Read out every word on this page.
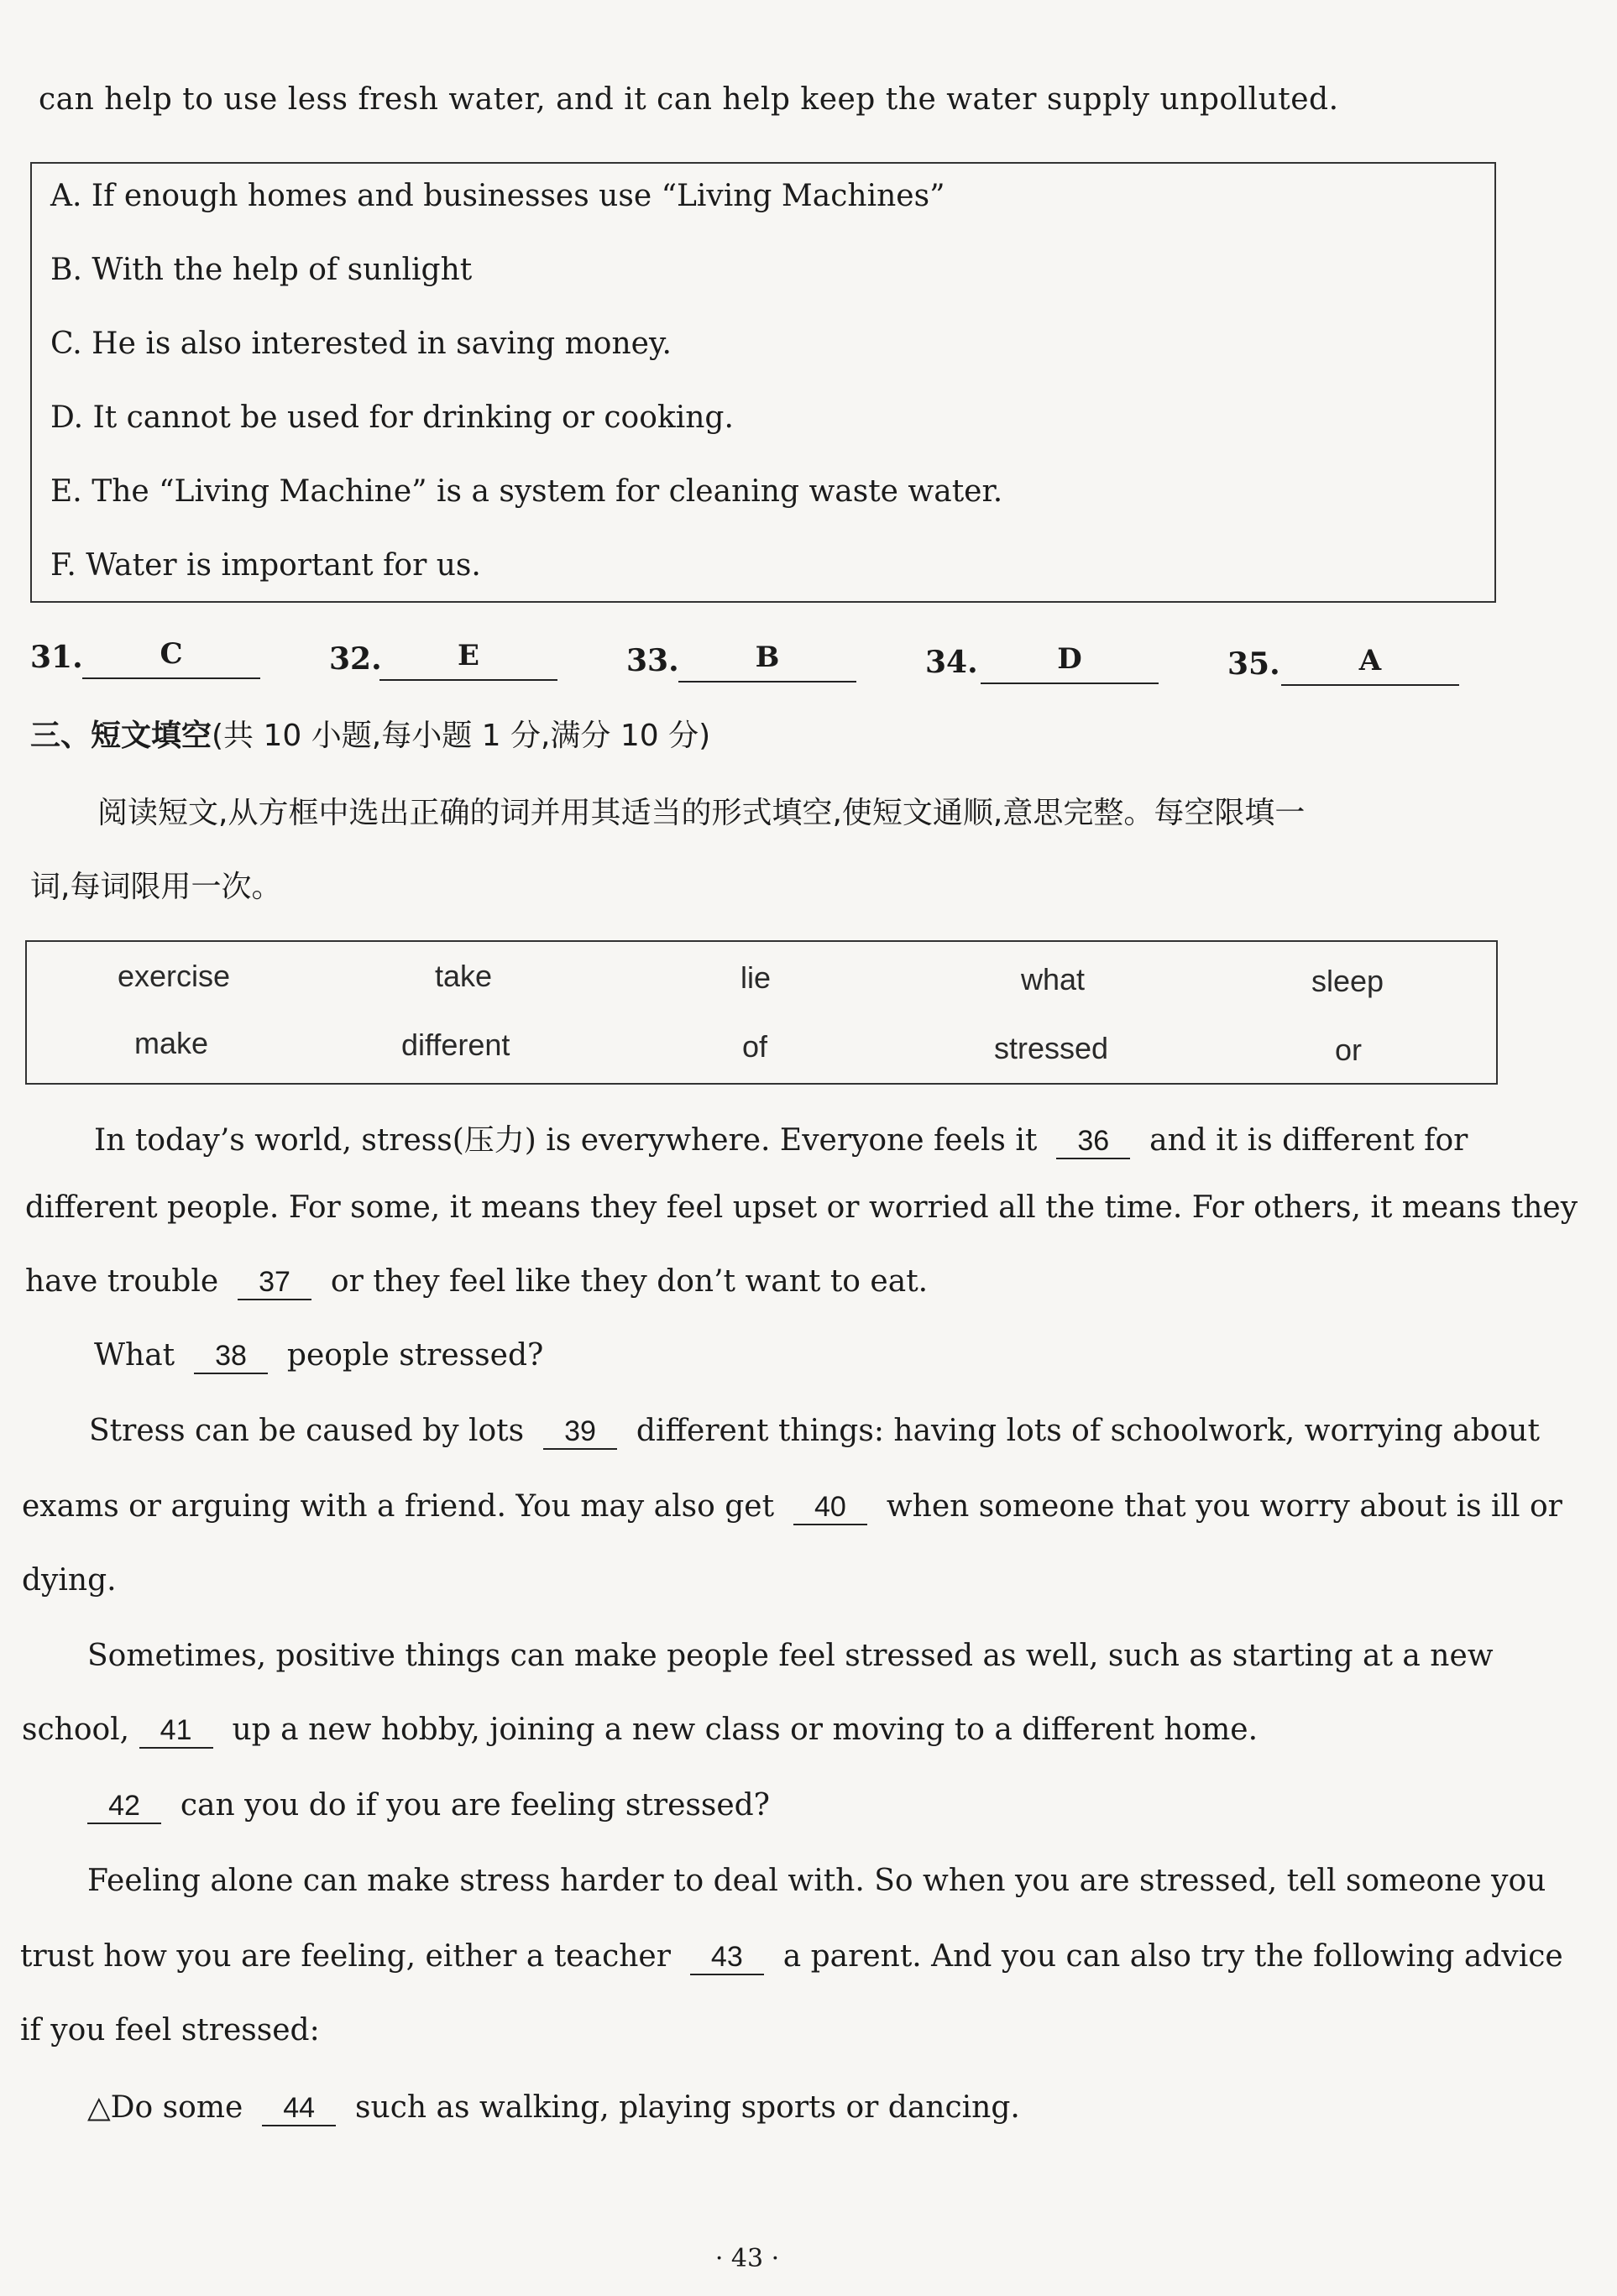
can help to use less fresh water, and it can help keep the water supply unpolluted.
A. If enough homes and businesses use “Living Machines”
B. With the help of sunlight
C. He is also interested in saving money.
D. It cannot be used for drinking or cooking.
E. The “Living Machine” is a system for cleaning waste water.
F. Water is important for us.
31.	C	32.	E	33.	B	34.	D	35.	A
三、短文填空(共 10 小题,每小题 1 分,满分 10 分)
阅读短文,从方框中选出正确的词并用其适当的形式填空,使短文通顺,意思完整。每空限填一
词,每词限用一次。
exercise	take	lie	what	sleep
make	different	of	stressed	or
In today’s world, stress(压力) is everywhere. Everyone feels it 36 and it is different for
different people. For some, it means they feel upset or worried all the time. For others, it means they
have trouble 37 or they feel like they don’t want to eat.
What 38 people stressed?
Stress can be caused by lots 39 different things: having lots of schoolwork, worrying about
exams or arguing with a friend. You may also get 40 when someone that you worry about is ill or
dying.
Sometimes, positive things can make people feel stressed as well, such as starting at a new
school, 41 up a new hobby, joining a new class or moving to a different home.
42 can you do if you are feeling stressed?
Feeling alone can make stress harder to deal with. So when you are stressed, tell someone you
trust how you are feeling, either a teacher 43 a parent. And you can also try the following advice
if you feel stressed:
△Do some 44 such as walking, playing sports or dancing.
· 43 ·
